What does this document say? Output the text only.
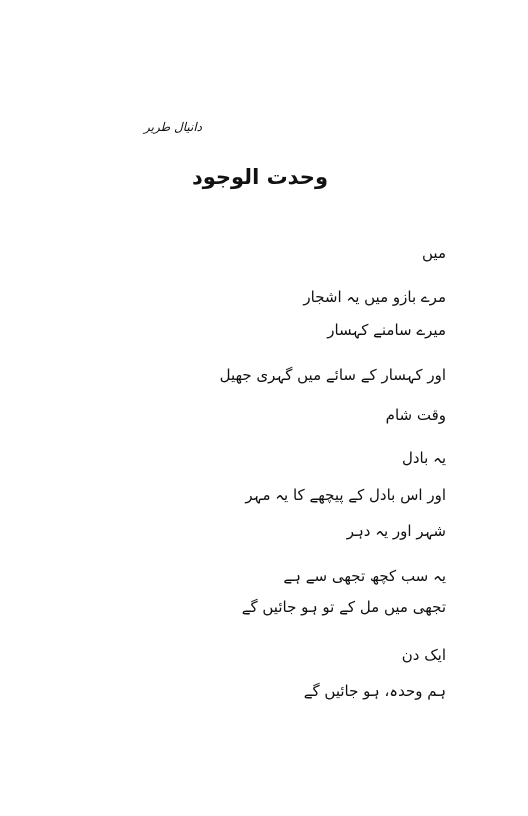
دانیال طریر
وحدت الوجود
میں
مرے بازو میں یہ اشجار
میرے سامنے کہسار
اور کہسار کے سائے میں گہری جھیل
وقت شام
یہ بادل
اور اس بادل کے پیچھے کا یہ مہر
شہر اور یہ دہر
یہ سب کچھ تجھی سے ہے
تجھی میں مل کے تو ہو جائیں گے
ایک دن
ہم وحدہ، ہو جائیں گے
